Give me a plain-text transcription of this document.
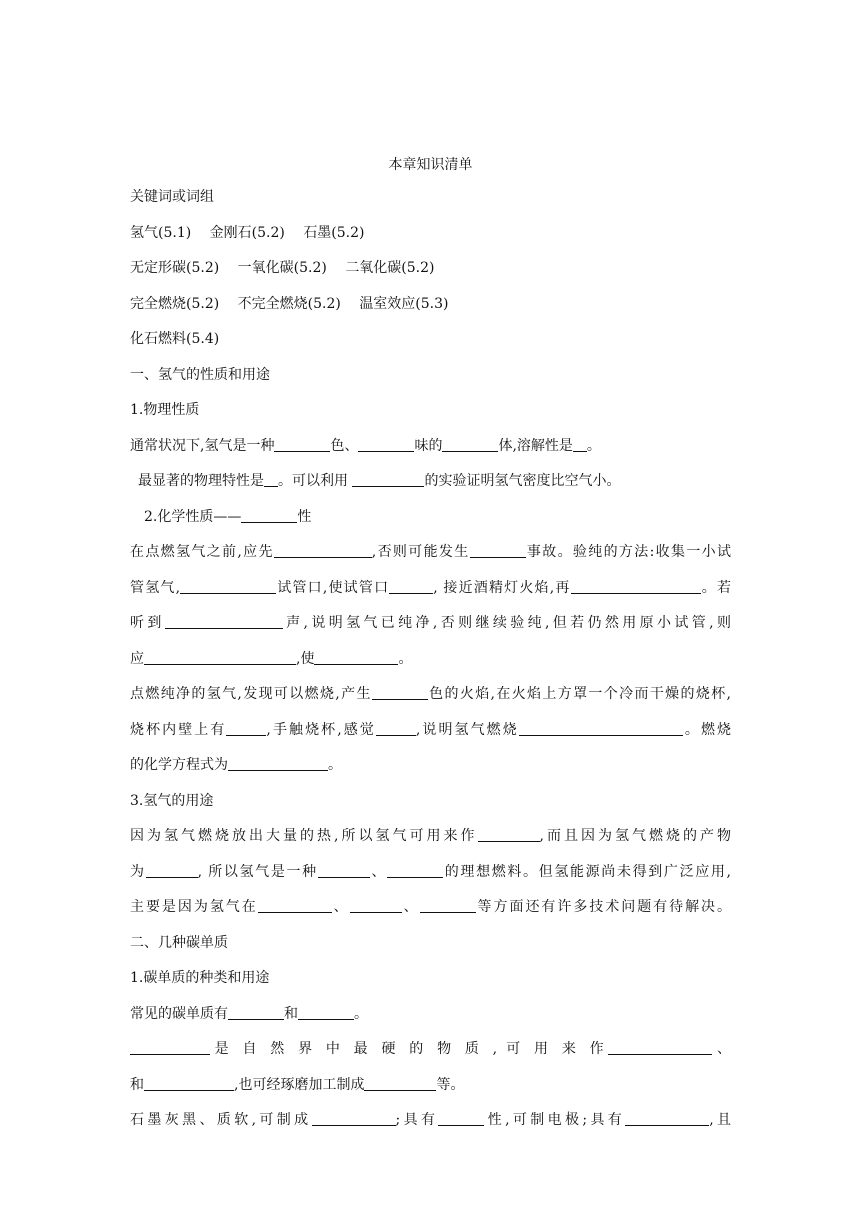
本章知识清单
关键词或词组
氢气(5.1) 金刚石(5.2) 石墨(5.2)
无定形碳(5.2) 一氧化碳(5.2) 二氧化碳(5.2)
完全燃烧(5.2) 不完全燃烧(5.2) 温室效应(5.3)
化石燃料(5.4)
一、氢气的性质和用途
1.物理性质
通常状况下,氢气是一种	色、	味的	体,溶解性是 。
最显著的物理特性是 。可以利用	的实验证明氢气密度比空气小。
2.化学性质——	性
在点燃氢气之前,应先	,否则可能发生	事故。验纯的方法:收集一小试
管氢气,	试管口,使试管口	, 接近酒精灯火焰,再	。若
听到	声,说明氢气已纯净,否则继续验纯,但若仍然用原小试管,则
应	,使	。
点燃纯净的氢气,发现可以燃烧,产生	色的火焰,在火焰上方罩一个冷而干燥的烧杯,
烧杯内壁上有	,手触烧杯,感觉	,说明氢气燃烧	。燃烧
的化学方程式为	。
3.氢气的用途
因为氢气燃烧放出大量的热,所以氢气可用来作	,而且因为氢气燃烧的产物
为	, 所以氢气是一种	、	的理想燃料。但氢能源尚未得到广泛应用,
主要是因为氢气在	、	、	等方面还有许多技术问题有待解决。
二、几种碳单质
1.碳单质的种类和用途
常见的碳单质有	和	。
是 自 然 界 中 最 硬 的 物 质 , 可 用 来 作	、
和	,也可经琢磨加工制成	等。
石墨灰黑、质软,可制成	;具有	性,可制电极;具有	,且
